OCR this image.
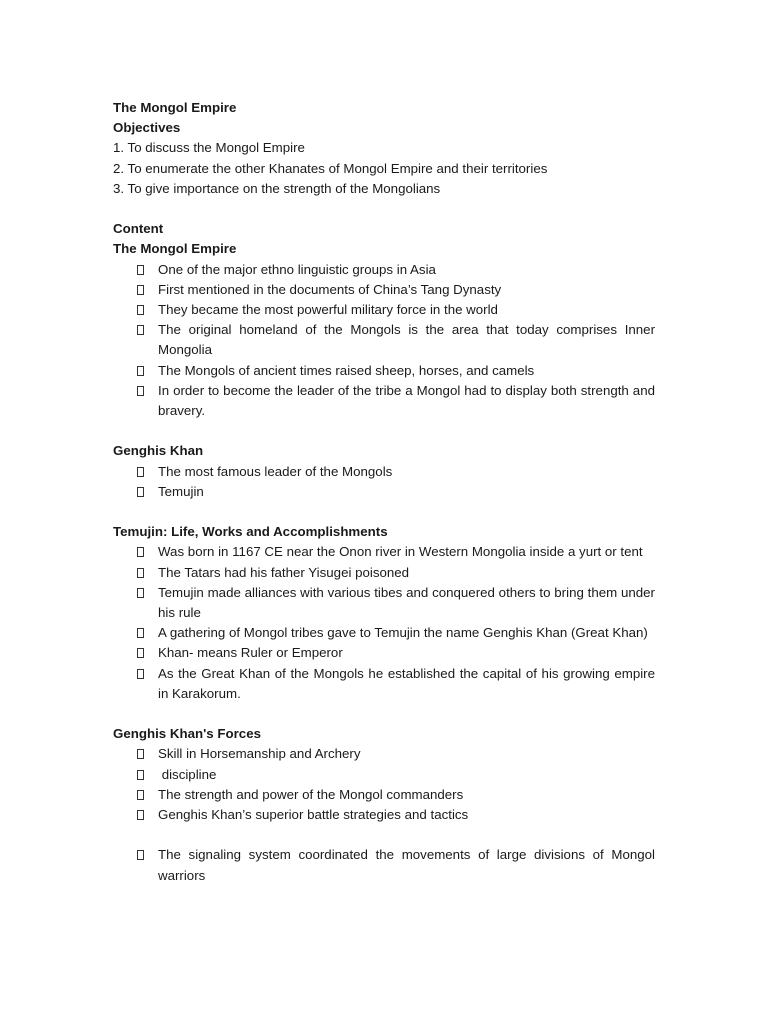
The Mongol Empire
Objectives
1. To discuss the Mongol Empire
2. To enumerate the other Khanates of Mongol Empire and their territories
3. To give importance on the strength of the Mongolians
Content
The Mongol Empire
One of the major ethno linguistic groups in Asia
First mentioned in the documents of China’s Tang Dynasty
They became the most powerful military force in the world
The original homeland of the Mongols is the area that today comprises Inner Mongolia
The Mongols of ancient times raised sheep, horses, and camels
In order to become the leader of the tribe a Mongol had to display both strength and bravery.
Genghis Khan
The most famous leader of the Mongols
Temujin
Temujin: Life, Works and Accomplishments
Was born in 1167 CE near the Onon river in Western Mongolia inside a yurt or tent
The Tatars had his father Yisugei poisoned
Temujin made alliances with various tibes and conquered others to bring them under his rule
A gathering of Mongol tribes gave to Temujin the name Genghis Khan (Great Khan)
Khan- means Ruler or Emperor
As the Great Khan of the Mongols he established the capital of his growing empire in Karakorum.
Genghis Khan's Forces
Skill in Horsemanship and Archery
discipline
The strength and power of the Mongol commanders
Genghis Khan’s superior battle strategies and tactics
The signaling system coordinated the movements of large divisions of Mongol warriors
